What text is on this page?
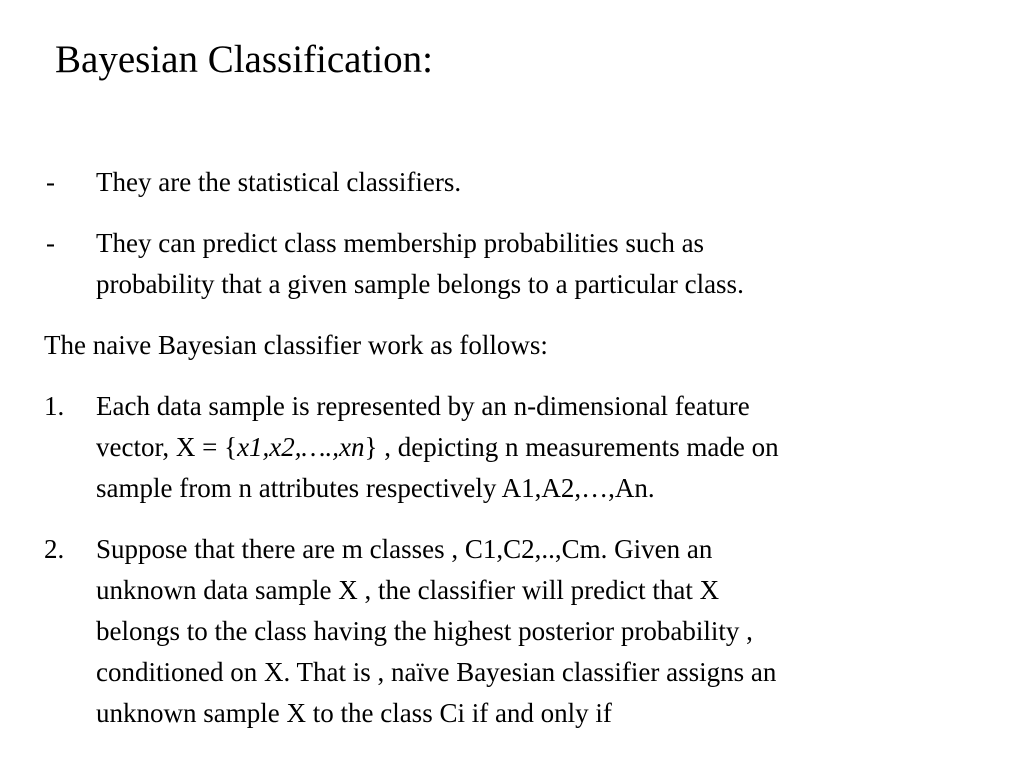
Bayesian Classification:
-	They are the statistical classifiers.
-	They can predict class membership probabilities such as
probability that a given sample belongs to a particular class.
The naive Bayesian classifier work as follows:
1.	Each data sample is represented by an n-dimensional feature
vector, X = {x1,x2,….,xn} , depicting n measurements made on
sample from n attributes respectively A1,A2,…,An.
2.	Suppose that there are m classes , C1,C2,..,Cm. Given an
unknown data sample X , the classifier will predict that X
belongs to the class having the highest posterior probability ,
conditioned on X. That is , naïve Bayesian classifier assigns an
unknown sample X to the class Ci if and only if
